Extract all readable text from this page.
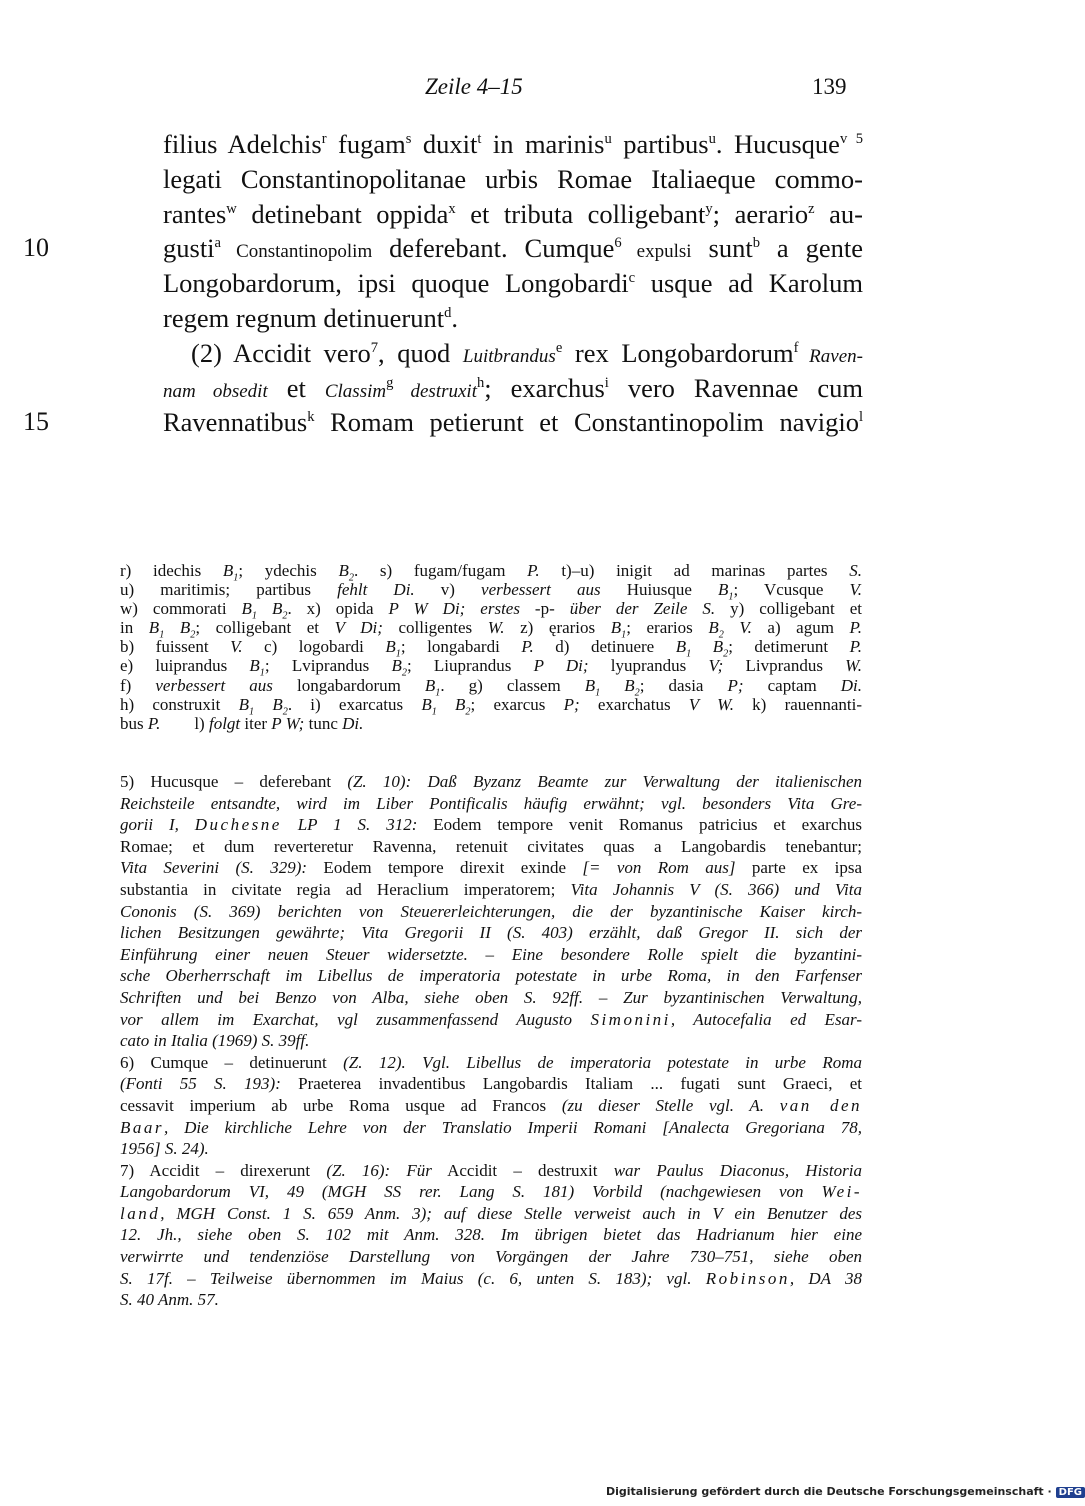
Zeile 4–15	139
filius Adelchis$^r$ fugam$^s$ duxit$^t$ in marinis$^u$ partibus$^u$. Hucusque$^{v 5}$
legati Constantinopolitanae urbis Romae Italiaeque commo-
rantes$^w$ detinebant oppida$^x$ et tributa colligebant$^y$; aerario$^z$ au-
10	gusti$^a$ Constantinopolim deferebant. Cumque$^6$ expulsi sunt$^b$ a gente
Longobardorum, ipsi quoque Longobardi$^c$ usque ad Karolum
regem regnum detinuerunt$^d$.
(2) Accidit vero$^7$, quod Luitbrandus$^e$ rex Longobardorum$^f$ Raven-
nam obsedit et Classim$^g$ destruxit$^h$; exarchus$^i$ vero Ravennae cum
15	Ravennatibus$^k$ Romam petierunt et Constantinopolim navigio$^l$
r) idechis $B_1$; ydechis $B_2$. s) fugam/fugam P. t)–u) inigit ad marinas partes S.
u) maritimis; partibus fehlt Di. v) verbessert aus Huiusque $B_1$; Vcusque V.
w) commorati $B_1$ $B_2$. x) opida P W Di; erstes -p- über der Zeile S. y) colligebant et
in $B_1$ $B_2$; colligebant et V Di; colligentes W. z) ęrarios $B_1$; erarios $B_2$ V. a) agum P.
b) fuissent V. c) logobardi $B_1$; longabardi P. d) detinuere $B_1$ $B_2$; detimerunt P.
e) luiprandus $B_1$; Lviprandus $B_2$; Liuprandus P Di; lyuprandus V; Livprandus W.
f) verbessert aus longabardorum $B_1$. g) classem $B_1$ $B_2$; dasia P; captam Di.
h) construxit $B_1$ $B_2$. i) exarcatus $B_1$ $B_2$; exarcus P; exarchatus V W. k) rauennanti-
bus P.        l) folgt iter P W; tunc Di.
5) Hucusque – deferebant (Z. 10): Daß Byzanz Beamte zur Verwaltung der italienischen
Reichsteile entsandte, wird im Liber Pontificalis häufig erwähnt; vgl. besonders Vita Gre-
gorii I, Duchesne LP 1 S. 312: Eodem tempore venit Romanus patricius et exarchus
Romae; et dum reverteretur Ravenna, retenuit civitates quas a Langobardis tenebantur;
Vita Severini (S. 329): Eodem tempore direxit exinde [= von Rom aus] parte ex ipsa
substantia in civitate regia ad Heraclium imperatorem; Vita Johannis V (S. 366) und Vita
Cononis (S. 369) berichten von Steuererleichterungen, die der byzantinische Kaiser kirch-
lichen Besitzungen gewährte; Vita Gregorii II (S. 403) erzählt, daß Gregor II. sich der
Einführung einer neuen Steuer widersetzte. – Eine besondere Rolle spielt die byzantini-
sche Oberherrschaft im Libellus de imperatoria potestate in urbe Roma, in den Farfenser
Schriften und bei Benzo von Alba, siehe oben S. 92ff. – Zur byzantinischen Verwaltung,
vor allem im Exarchat, vgl zusammenfassend Augusto Simonini, Autocefalia ed Esar-
cato in Italia (1969) S. 39ff.
6) Cumque – detinuerunt (Z. 12). Vgl. Libellus de imperatoria potestate in urbe Roma
(Fonti 55 S. 193): Praeterea invadentibus Langobardis Italiam ... fugati sunt Graeci, et
cessavit imperium ab urbe Roma usque ad Francos (zu dieser Stelle vgl. A. van den
Baar, Die kirchliche Lehre von der Translatio Imperii Romani [Analecta Gregoriana 78,
1956] S. 24).
7) Accidit – direxerunt (Z. 16): Für Accidit – destruxit war Paulus Diaconus, Historia
Langobardorum VI, 49 (MGH SS rer. Lang S. 181) Vorbild (nachgewiesen von Wei-
land, MGH Const. 1 S. 659 Anm. 3); auf diese Stelle verweist auch in V ein Benutzer des
12. Jh., siehe oben S. 102 mit Anm. 328. Im übrigen bietet das Hadrianum hier eine
verwirrte und tendenziöse Darstellung von Vorgängen der Jahre 730–751, siehe oben
S. 17f. – Teilweise übernommen im Maius (c. 6, unten S. 183); vgl. Robinson, DA 38
S. 40 Anm. 57.
Digitalisierung gefördert durch die Deutsche Forschungsgemeinschaft · DFG
